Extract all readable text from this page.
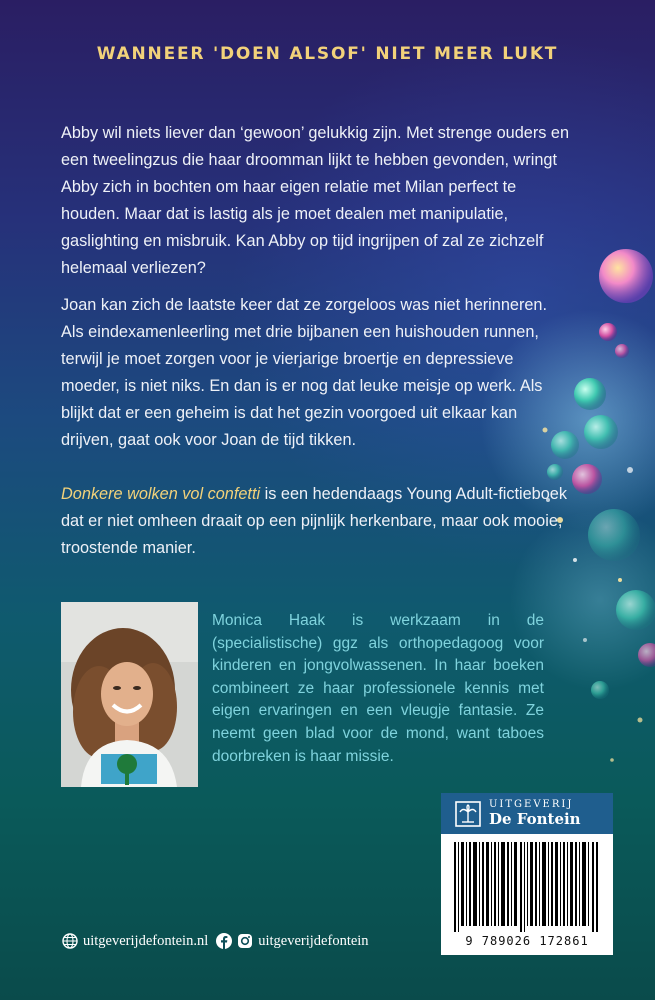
WANNEER 'DOEN ALSOF' NIET MEER LUKT

Abby wil niets liever dan ‘gewoon’ gelukkig zijn. Met strenge ouders en een tweelingzus die haar droomman lijkt te hebben gevonden, wringt Abby zich in bochten om haar eigen relatie met Milan perfect te houden. Maar dat is lastig als je moet dealen met manipulatie, gaslighting en misbruik. Kan Abby op tijd ingrijpen of zal ze zichzelf helemaal verliezen?

Joan kan zich de laatste keer dat ze zorgeloos was niet herinneren. Als eindexamenleerling met drie bijbanen een huishouden runnen, terwijl je moet zorgen voor je vierjarige broertje en depressieve moeder, is niet niks. En dan is er nog dat leuke meisje op werk. Als blijkt dat er een geheim is dat het gezin voorgoed uit elkaar kan drijven, gaat ook voor Joan de tijd tikken.

Donkere wolken vol confetti is een hedendaags Young Adult-fictieboek dat er niet omheen draait op een pijnlijk herkenbare, maar ook mooie, troostende manier.

Monica Haak is werkzaam in de (specialistische) ggz als orthopedagoog voor kinderen en jongvolwassenen. In haar boeken combineert ze haar professionele kennis met eigen ervaringen en een vleugje fantasie. Ze neemt geen blad voor de mond, want taboes doorbreken is haar missie.

UITGEVERIJ
De Fontein
9 789026 172861
uitgeverijdefontein.nl	uitgeverijdefontein
